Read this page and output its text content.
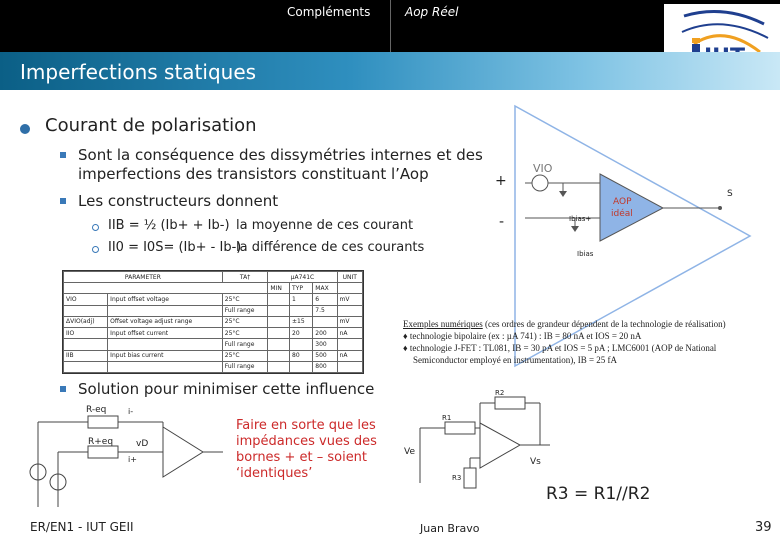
Compléments	Aop Réel
Imperfections statiques
Courant de polarisation
Sont la conséquence des dissymétries internes et des
imperfections des transistors constituant l’Aop
Les constructeurs donnent
IIB = ½ (Ib+ + Ib-) la moyenne de ces courant
II0 = I0S= (Ib+ - Ib-)
la différence de ces courants
VIO
+
-
AOP
idéal
S
Ibias+
Ibias
PARAMETER		TA†	µA741C			UNIT
			MIN	TYP	MAX	
VIO	Input offset voltage	25°C		1	6	mV
		Full range			7.5	
ΔVIO(adj)	Offset voltage adjust range	25°C		±15		mV
IIO	Input offset current	25°C		20	200	nA
		Full range			300	
IIB	Input bias current	25°C		80	500	nA
		Full range			800	
Exemples numériques (ces ordres de grandeur dépendent de la technologie de réalisation)
♦ technologie bipolaire (ex : µA 741) : IB = 80 nA et IOS = 20 nA
♦ technologie J-FET : TL081, IB = 30 pA et IOS = 5 pA ; LMC6001 (AOP de National
Semiconductor employé en instrumentation), IB = 25 fA
Solution pour minimiser cette influence
R-eq
R+eq	vD
i-
i+
Faire en sorte que les impédances vues des bornes + et – soient ‘identiques’
R2
R1
R3
Ve
Vs
R3 = R1//R2
ER/EN1 - IUT GEII	Juan Bravo	39
